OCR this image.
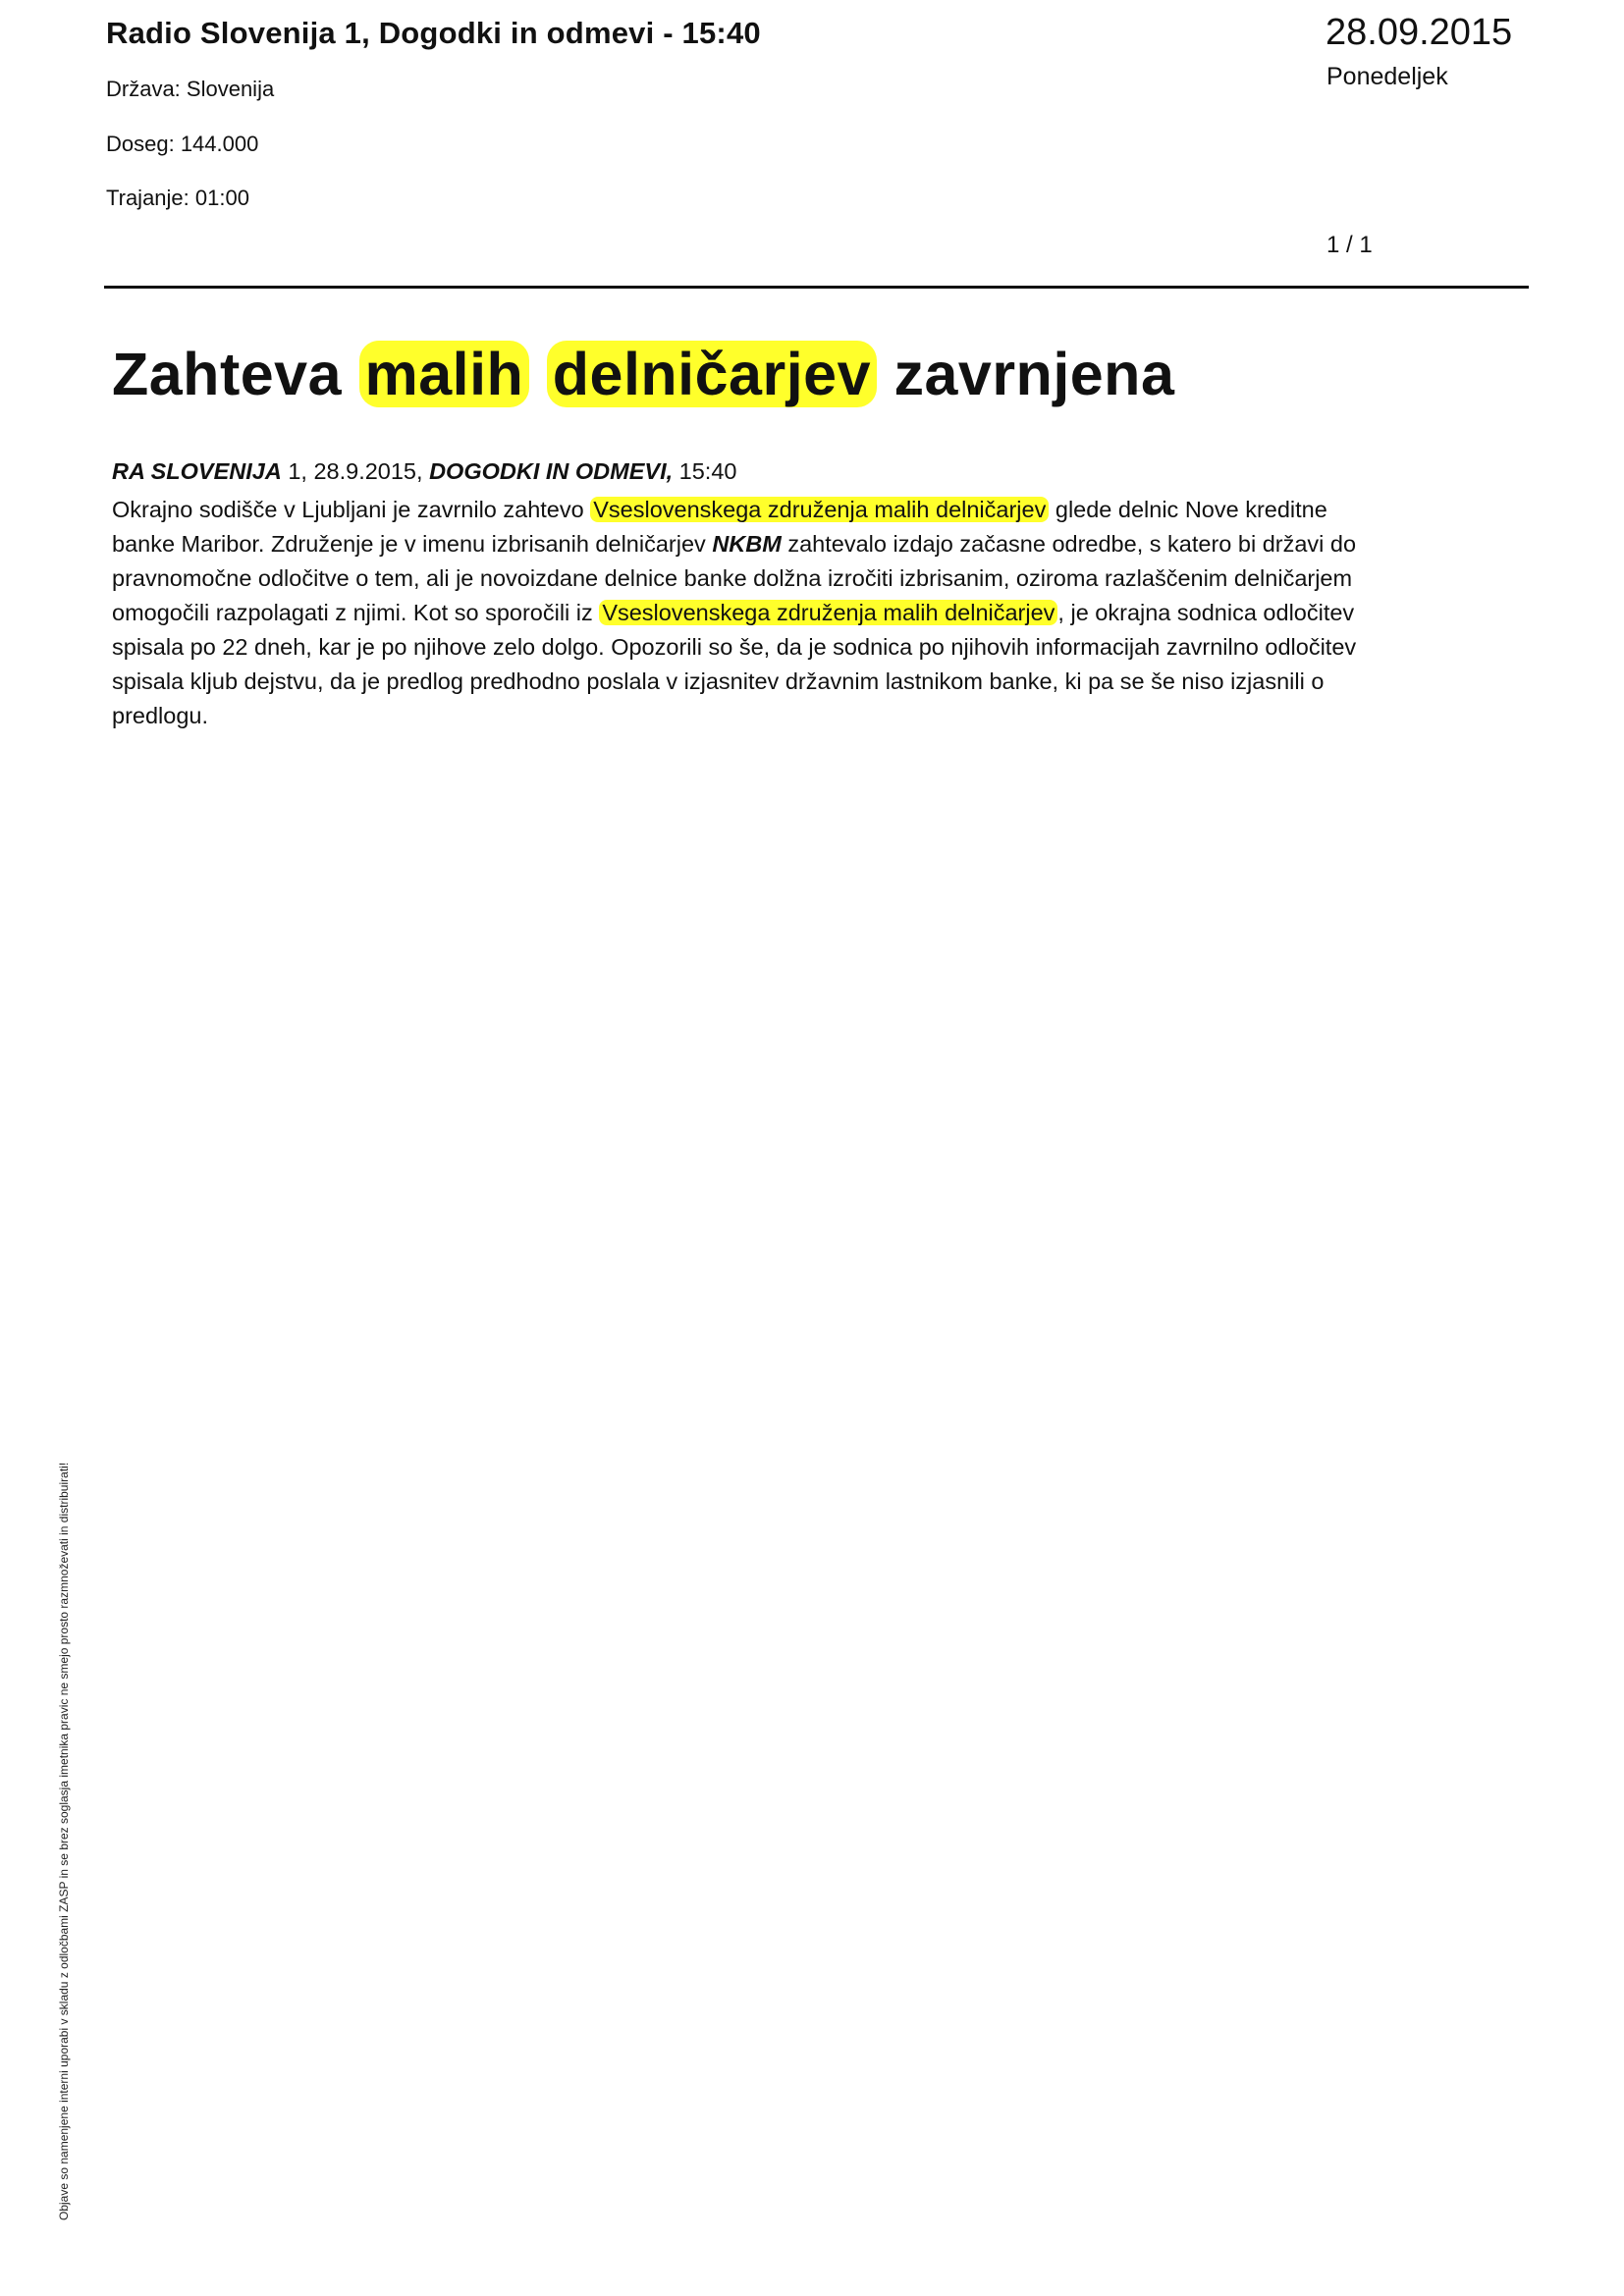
Radio Slovenija 1, Dogodki in odmevi - 15:40
Država: Slovenija
Doseg: 144.000
Trajanje: 01:00
28.09.2015
Ponedeljek
1 / 1
Zahteva malih delničarjev zavrnjena
RA SLOVENIJA 1, 28.9.2015, DOGODKI IN ODMEVI, 15:40
Okrajno sodišče v Ljubljani je zavrnilo zahtevo Vseslovenskega združenja malih delničarjev glede delnic Nove kreditne
banke Maribor. Združenje je v imenu izbrisanih delničarjev NKBM zahtevalo izdajo začasne odredbe, s katero bi državi do
pravnomočne odločitve o tem, ali je novoizdane delnice banke dolžna izročiti izbrisanim, oziroma razlaščenim delničarjem
omogočili razpolagati z njimi. Kot so sporočili iz Vseslovenskega združenja malih delničarjev , je okrajna sodnica odločitev
spisala po 22 dneh, kar je po njihove zelo dolgo. Opozorili so še, da je sodnica po njihovih informacijah zavrnilno odločitev
spisala kljub dejstvu, da je predlog predhodno poslala v izjasnitev državnim lastnikom banke, ki pa se še niso izjasnili o
predlogu.
Objave so namenjene interni uporabi v skladu z odločbami ZASP in se brez soglasja imetnika pravic ne smejo prosto razmnoževati in distribuirati!
